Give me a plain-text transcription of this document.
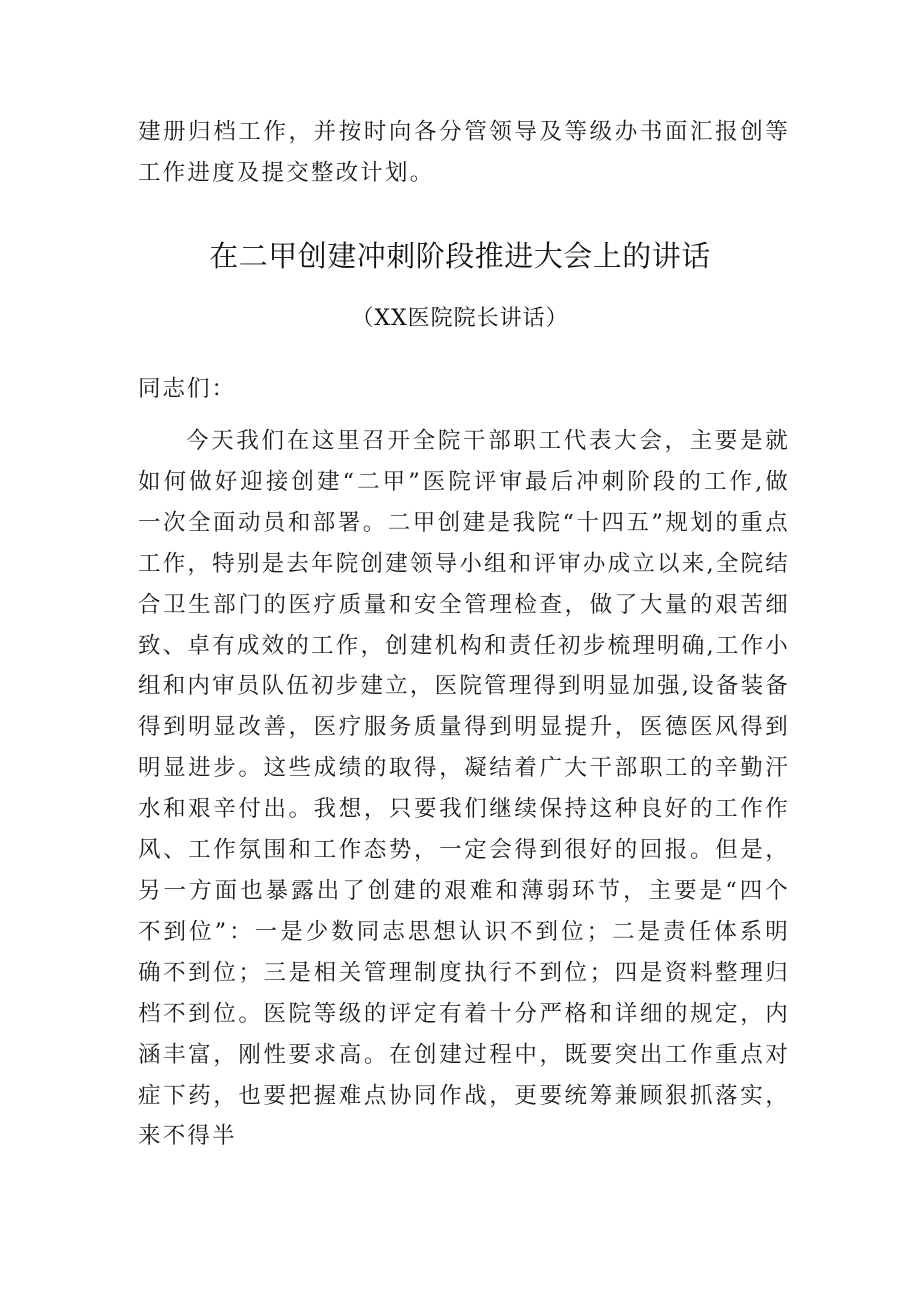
建册归档工作，并按时向各分管领导及等级办书面汇报创等工作进度及提交整改计划。

在二甲创建冲刺阶段推进大会上的讲话
（XX医院院长讲话）
同志们：

今天我们在这里召开全院干部职工代表大会，主要是就如何做好迎接创建“二甲”医院评审最后冲刺阶段的工作,做一次全面动员和部署。二甲创建是我院“十四五”规划的重点工作，特别是去年院创建领导小组和评审办成立以来,全院结合卫生部门的医疗质量和安全管理检查，做了大量的艰苦细致、卓有成效的工作，创建机构和责任初步梳理明确,工作小组和内审员队伍初步建立，医院管理得到明显加强,设备装备得到明显改善，医疗服务质量得到明显提升，医德医风得到明显进步。这些成绩的取得，凝结着广大干部职工的辛勤汗水和艰辛付出。我想，只要我们继续保持这种良好的工作作风、工作氛围和工作态势，一定会得到很好的回报。但是，另一方面也暴露出了创建的艰难和薄弱环节，主要是“四个不到位”：一是少数同志思想认识不到位；二是责任体系明确不到位；三是相关管理制度执行不到位；四是资料整理归档不到位。医院等级的评定有着十分严格和详细的规定，内涵丰富，刚性要求高。在创建过程中，既要突出工作重点对症下药，也要把握难点协同作战，更要统筹兼顾狠抓落实，来不得半
